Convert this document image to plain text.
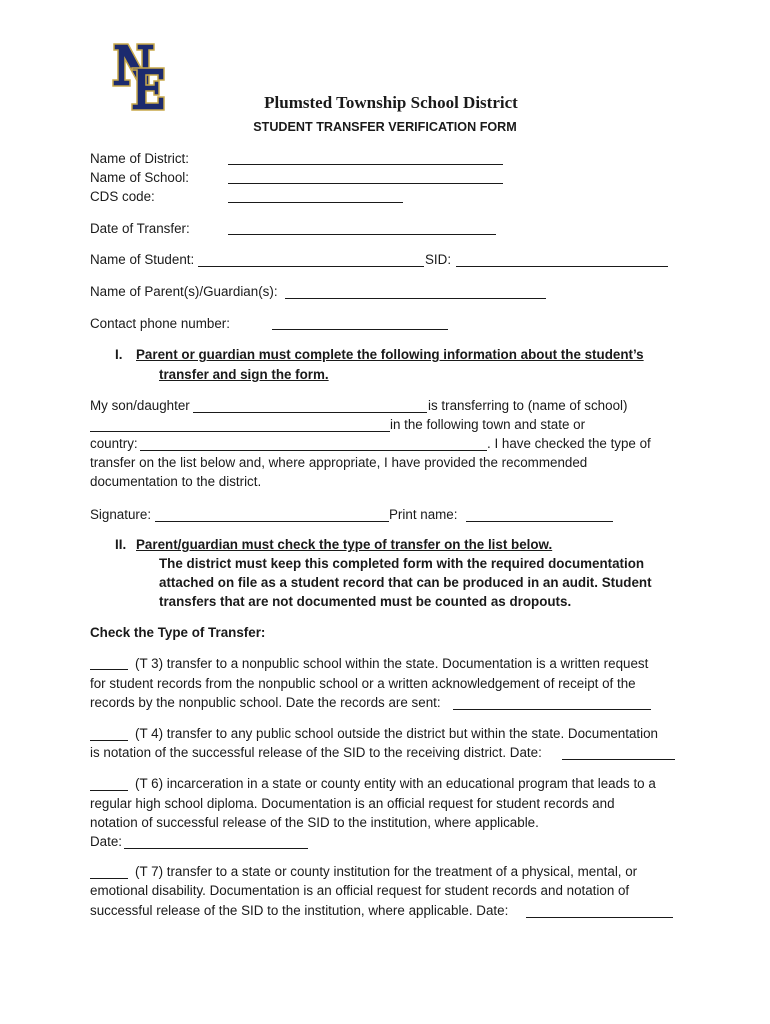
Plumsted Township School District
STUDENT TRANSFER VERIFICATION FORM
Name of District:
Name of School:
CDS code:
Date of Transfer:
Name of Student:	SID:
Name of Parent(s)/Guardian(s):
Contact phone number:
I. Parent or guardian must complete the following information about the student’s
transfer and sign the form.
My son/daughter	is transferring to (name of school)
in the following town and state or
country:	. I have checked the type of
transfer on the list below and, where appropriate, I have provided the recommended
documentation to the district.
Signature:	Print name:
II. Parent/guardian must check the type of transfer on the list below.
The district must keep this completed form with the required documentation
attached on file as a student record that can be produced in an audit. Student
transfers that are not documented must be counted as dropouts.
Check the Type of Transfer:
(T 3) transfer to a nonpublic school within the state. Documentation is a written request
for student records from the nonpublic school or a written acknowledgement of receipt of the
records by the nonpublic school. Date the records are sent:
(T 4) transfer to any public school outside the district but within the state. Documentation
is notation of the successful release of the SID to the receiving district. Date:
(T 6) incarceration in a state or county entity with an educational program that leads to a
regular high school diploma. Documentation is an official request for student records and
notation of successful release of the SID to the institution, where applicable.
Date:
(T 7) transfer to a state or county institution for the treatment of a physical, mental, or
emotional disability. Documentation is an official request for student records and notation of
successful release of the SID to the institution, where applicable. Date:
